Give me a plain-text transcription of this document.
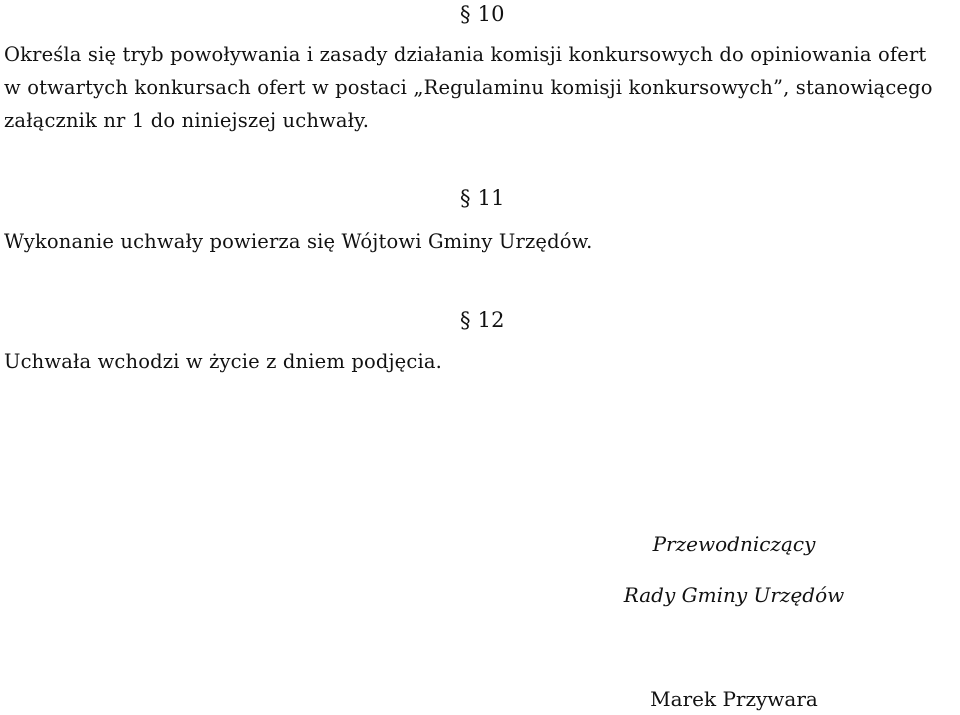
§ 10
Określa się tryb powoływania i zasady działania komisji konkursowych do opiniowania ofert
w otwartych konkursach ofert w postaci „Regulaminu komisji konkursowych”, stanowiącego
załącznik nr 1 do niniejszej uchwały.
§ 11
Wykonanie uchwały powierza się Wójtowi Gminy Urzędów.
§ 12
Uchwała wchodzi w życie z dniem podjęcia.
Przewodniczący
Rady Gminy Urzędów
Marek Przywara
